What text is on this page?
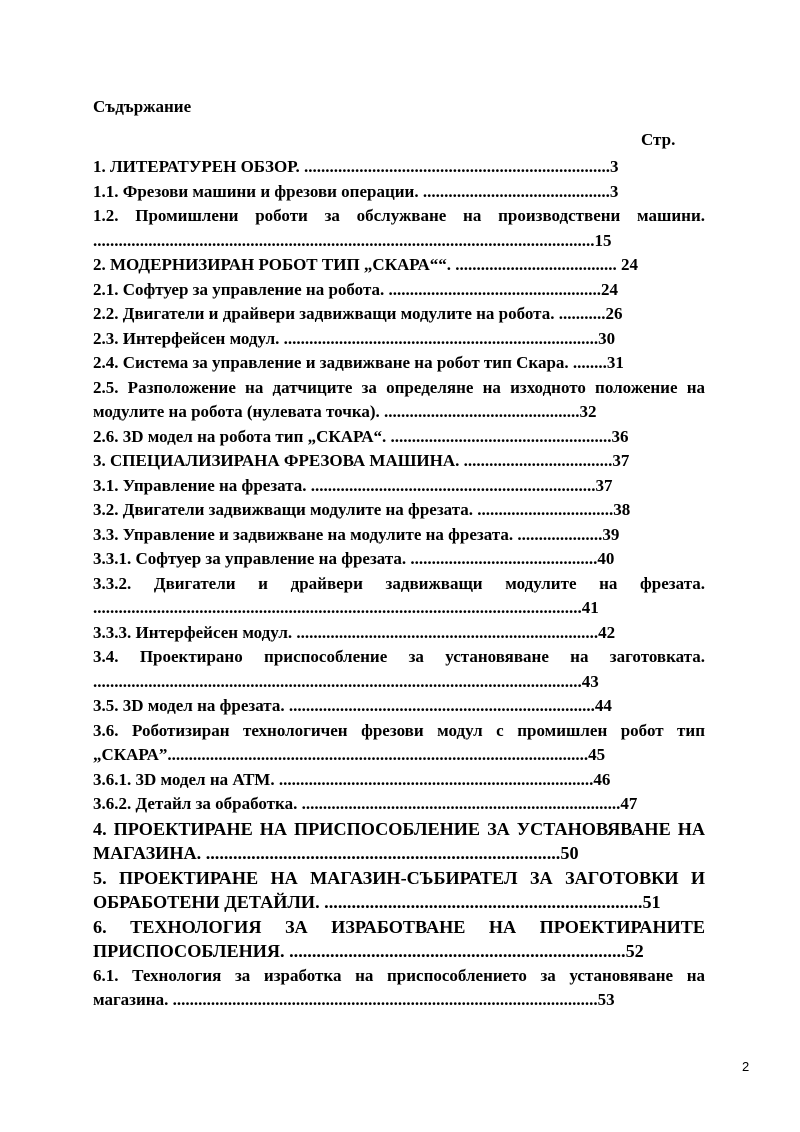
Съдържание
Стр.
1. ЛИТЕРАТУРЕН ОБЗОР. ........................................................................3
1.1. Фрезови машини и фрезови операции. ............................................3
1.2. Промишлени роботи за обслужване на производствени машини. ......................................................................................................................15
2. МОДЕРНИЗИРАН РОБОТ ТИП „СКАРА““. ...................................... 24
2.1. Софтуер за управление на робота. ..................................................24
2.2. Двигатели и драйвери задвижващи модулите на робота. ...........26
2.3. Интерфейсен модул. ..........................................................................30
2.4. Система за управление и задвижване на робот тип Скара. ........31
2.5. Разположение на датчиците за определяне на изходното положение на модулите на робота (нулевата точка). ..............................................32
2.6. 3D модел на робота тип „СКАРА“. ....................................................36
3. СПЕЦИАЛИЗИРАНА ФРЕЗОВА МАШИНА. ...................................37
3.1. Управление на фрезата. ...................................................................37
3.2. Двигатели задвижващи модулите на фрезата. ................................38
3.3. Управление и задвижване на модулите на фрезата. ....................39
3.3.1. Софтуер за управление на фрезата. ............................................40
3.3.2. Двигатели и драйвери задвижващи модулите на фрезата. ...................................................................................................................41
3.3.3. Интерфейсен модул. .......................................................................42
3.4. Проектирано приспособление за установяване на заготовката. ...................................................................................................................43
3.5. 3D модел на фрезата. ........................................................................44
3.6. Роботизиран технологичен фрезови модул с промишлен робот тип „СКАРА”...................................................................................................45
3.6.1. 3D модел на АТМ. ..........................................................................46
3.6.2. Детайл за обработка. ...........................................................................47
4. ПРОЕКТИРАНЕ НА ПРИСПОСОБЛЕНИЕ ЗА УСТАНОВЯВАНЕ НА МАГАЗИНА. ..............................................................................50
5. ПРОЕКТИРАНЕ НА МАГАЗИН-СЪБИРАТЕЛ ЗА ЗАГОТОВКИ И ОБРАБОТЕНИ ДЕТАЙЛИ. ......................................................................51
6. ТЕХНОЛОГИЯ ЗА ИЗРАБОТВАНЕ НА ПРОЕКТИРАНИТЕ ПРИСПОСОБЛЕНИЯ. ..........................................................................52
6.1. Технология за изработка на приспособлението за установяване на магазина. ....................................................................................................53
2
